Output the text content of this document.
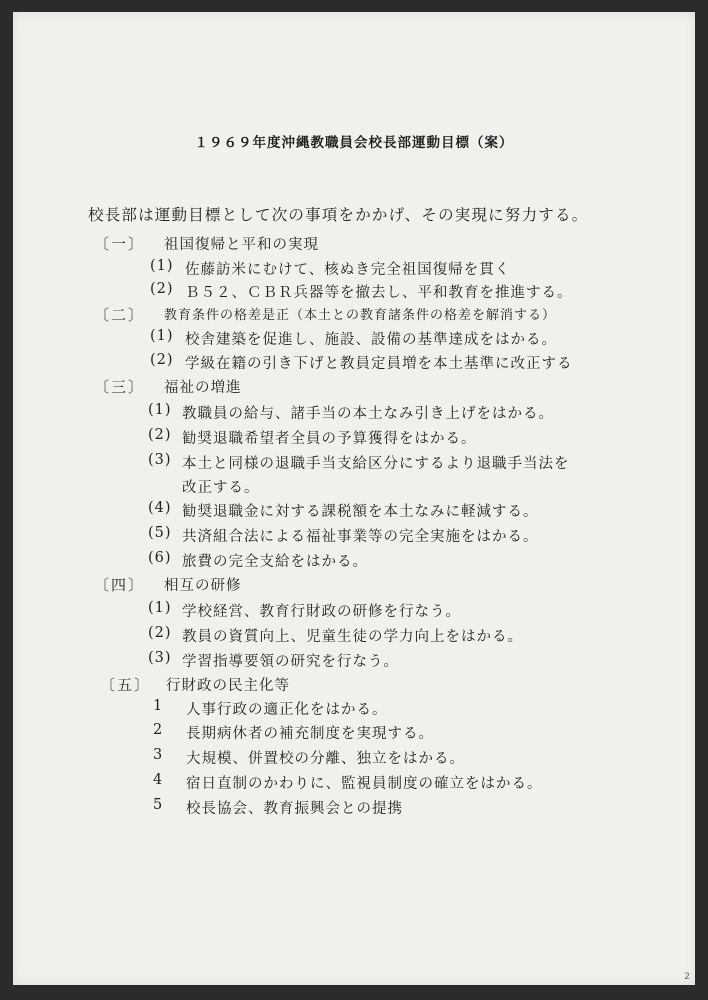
１９６９年度沖縄教職員会校長部運動目標（案）
校長部は運動目標として次の事項をかかげ、その実現に努力する。
〔一〕 祖国復帰と平和の実現
(1) 佐藤訪米にむけて、核ぬき完全祖国復帰を貫く
(2) Ｂ５２、ＣＢＲ兵器等を撤去し、平和教育を推進する。
〔二〕 教育条件の格差是正（本土との教育諸条件の格差を解消する）
(1) 校舎建築を促進し、施設、設備の基準達成をはかる。
(2) 学級在籍の引き下げと教員定員増を本土基準に改正する
〔三〕 福祉の増進
(1) 教職員の給与、諸手当の本土なみ引き上げをはかる。
(2) 勧奨退職希望者全員の予算獲得をはかる。
(3) 本土と同様の退職手当支給区分にするより退職手当法を
改正する。
(4) 勧奨退職金に対する課税額を本土なみに軽減する。
(5) 共済組合法による福祉事業等の完全実施をはかる。
(6) 旅費の完全支給をはかる。
〔四〕 相互の研修
(1) 学校経営、教育行財政の研修を行なう。
(2) 教員の資質向上、児童生徒の学力向上をはかる。
(3) 学習指導要領の研究を行なう。
〔五〕 行財政の民主化等
1 人事行政の適正化をはかる。
2 長期病休者の補充制度を実現する。
3 大規模、併置校の分離、独立をはかる。
4 宿日直制のかわりに、監視員制度の確立をはかる。
5 校長協会、教育振興会との提携
2
